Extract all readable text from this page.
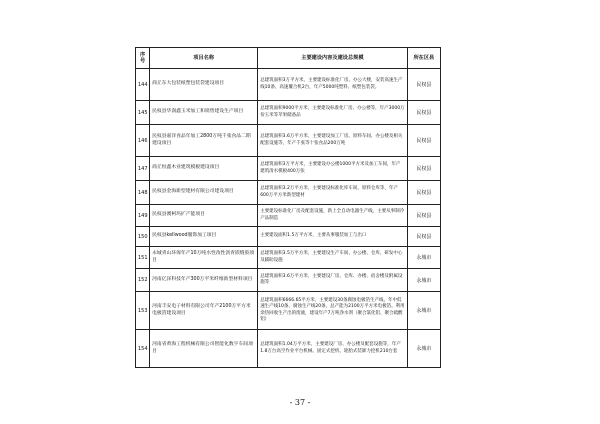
序号	项目名称	主要建设内容及建设总规模	所在区县
144	商丘东大包装纸塑包装袋建设项目	总建筑面积3万平方米，主要建设标准化厂房、办公大楼，安装高速生产线10条、高速覆合机2台，年产5000吨塑料、纸塑包装袋。	民权县
145	民权县华润鑫玉米加工和销售建设生产项目	总建筑面积9000平方米，主要建设标准化厂房、办公楼等，年产3000万份玉米等苹果储备品	民权县
146	民权县嘉洋食品年加工2800万吨千张食品二期建设项目	总建筑面积3.6万平方米，主要建设加工厂房、原料车间、办公楼及相关配套设施等，年产千张等十张食品200万吨	民权县
147	商丘恒鑫木业建筑模板建设项目	总建筑面积3万平方米，主要建设办公楼1000平方米及加工车间，年产建筑清水模板400万张	民权县
148	民权县金海新型建材有限公司建设项目	总建筑面积3.2万平方米，主要建设标准化库车间、原料仓库等，年产600万平方米新型建材	民权县
149	民权县澳柯玛扩产能项目	主要建设标准化厂房及配套设施，新上全自动电器生产线，主要从事制冷产品制造	民权县
150	民权县kellwood服饰加工项目	主要建设面积1.5万平方米，主要从事服装加工与出口	民权县
151	永城青山环保年产10万吨水性改性沥青嵌缝胶项目	总建筑面积3.5万平方米，主要建设生产车间、办公楼、仓库，研发中心及辅助设施	永城市
152	河南亿泽科技年产300万平米纤维新型材料项目	总建筑面积3.6万平方米，主要建设厂房、仓库、办楼、宿舍楼及附属设施等	永城市
153	河南丰安电子材料有限公司年产2100万平方米电极箔建设项目	总建筑面积6666.65平方米，主要建设30条腐蚀电极箔生产线，年中低速生产线10条、腐蚀生产线20条，总产能为2100万平方米电极箔。利用余热回收生产出的废液，建设年产7万吨净水剂（聚合氯化铝、聚合硫酸铝）	永城市
154	河南省黄海工程机械有限公司智能化数字车间项目	总建筑面积1.04万平方米，主要建设厂房、办公楼及配套设施等，年产1.8万台高空作业平台机械、固定式挖机、轮胎式装卸力挖机210台套	永城市
- 37 -
